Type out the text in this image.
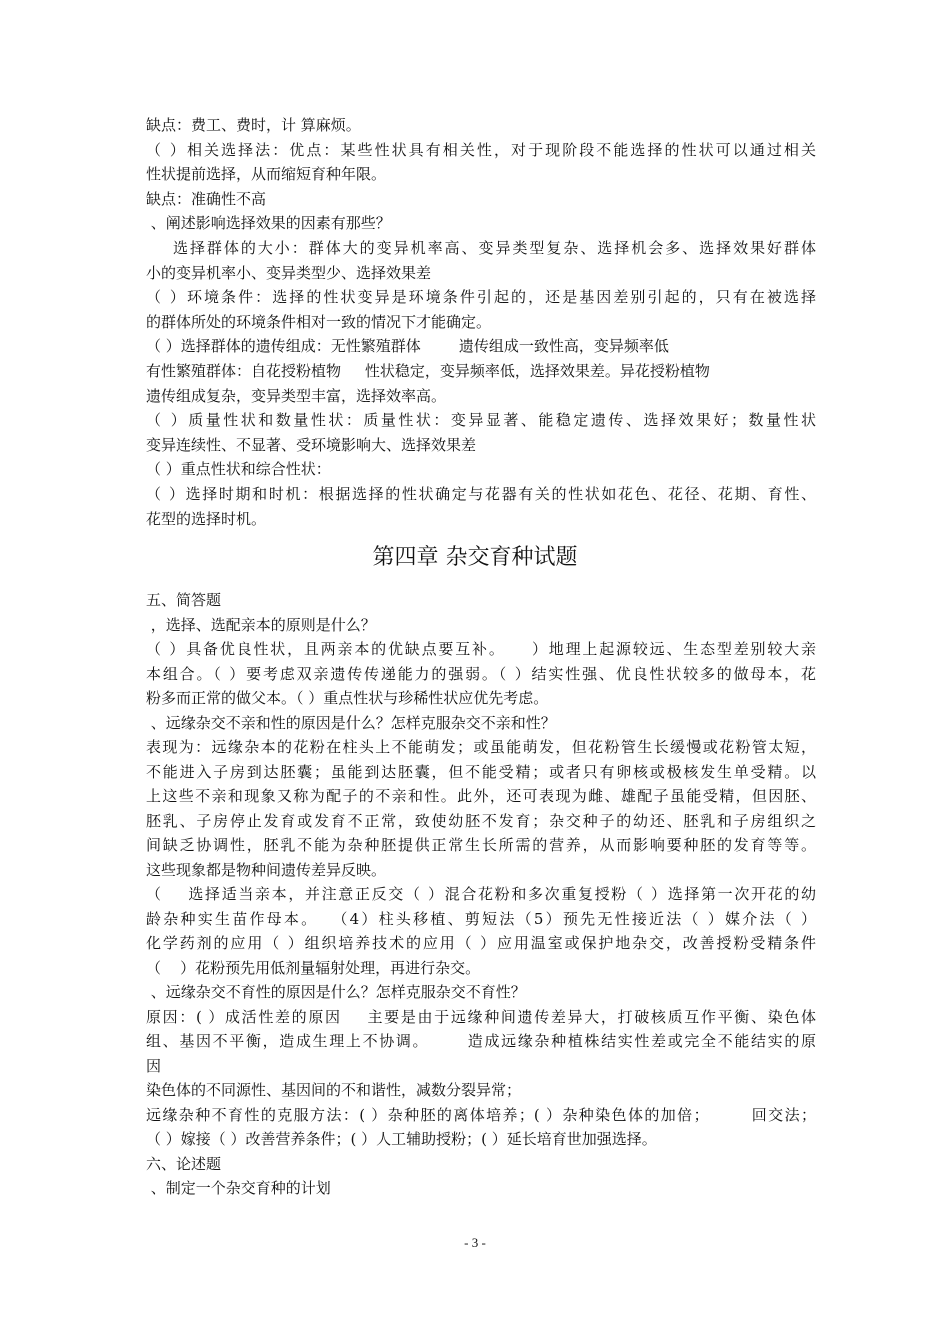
缺点：费工、费时，计 算麻烦。
（ ）相关选择法：优点：某些性状具有相关性，对于现阶段不能选择的性状可以通过相关
性状提前选择，从而缩短育种年限。
缺点：准确性不高
、阐述影响选择效果的因素有那些？
选择群体的大小：群体大的变异机率高、变异类型复杂、选择机会多、选择效果好群体
小的变异机率小、变异类型少、选择效果差
（ ）环境条件：选择的性状变异是环境条件引起的，还是基因差别引起的，只有在被选择
的群体所处的环境条件相对一致的情况下才能确定。
（ ）选择群体的遗传组成：无性繁殖群体        遗传组成一致性高，变异频率低
有性繁殖群体：自花授粉植物     性状稳定，变异频率低，选择效果差。异花授粉植物
遗传组成复杂，变异类型丰富，选择效率高。
（ ）质量性状和数量性状：质量性状：变异显著、能稳定遗传、选择效果好；数量性状
变异连续性、不显著、受环境影响大、选择效果差
（ ）重点性状和综合性状：
（ ）选择时期和时机：根据选择的性状确定与花器有关的性状如花色、花径、花期、育性、
花型的选择时机。
第四章 杂交育种试题
五、简答题
，选择、选配亲本的原则是什么？
（ ）具备优良性状，且两亲本的优缺点要互补。    ）地理上起源较远、生态型差别较大亲
本组合。（ ）要考虑双亲遗传传递能力的强弱。（ ）结实性强、优良性状较多的做母本，花
粉多而正常的做父本。（ ）重点性状与珍稀性状应优先考虑。
、远缘杂交不亲和性的原因是什么？怎样克服杂交不亲和性？
表现为：远缘杂本的花粉在柱头上不能萌发；或虽能萌发，但花粉管生长缓慢或花粉管太短，
不能进入子房到达胚囊；虽能到达胚囊，但不能受精；或者只有卵核或极核发生单受精。以
上这些不亲和现象又称为配子的不亲和性。此外，还可表现为雌、雄配子虽能受精，但因胚、
胚乳、子房停止发育或发育不正常，致使幼胚不发育；杂交种子的幼还、胚乳和子房组织之
间缺乏协调性，胚乳不能为杂种胚提供正常生长所需的营养，从而影响要种胚的发育等等。
这些现象都是物种间遗传差异反映。
（    选择适当亲本，并注意正反交（ ）混合花粉和多次重复授粉（ ）选择第一次开花的幼
龄杂种实生苗作母本。  （4）柱头移植、剪短法（5）预先无性接近法（ ）媒介法（ ）
化学药剂的应用（ ）组织培养技术的应用（ ）应用温室或保护地杂交，改善授粉受精条件
（    ）花粉预先用低剂量辐射处理，再进行杂交。
、远缘杂交不育性的原因是什么？怎样克服杂交不育性？
原因：( ）成活性差的原因    主要是由于远缘种间遗传差异大，打破核质互作平衡、染色体
组、基因不平衡，造成生理上不协调。      造成远缘杂种植株结实性差或完全不能结实的原
因
染色体的不同源性、基因间的不和谐性，减数分裂异常；
远缘杂种不育性的克服方法：( ）杂种胚的离体培养；( ）杂种染色体的加倍；       回交法；
（ ）嫁接（ ）改善营养条件；( ）人工辅助授粉；( ）延长培育世加强选择。
六、论述题
、制定一个杂交育种的计划
- 3 -
